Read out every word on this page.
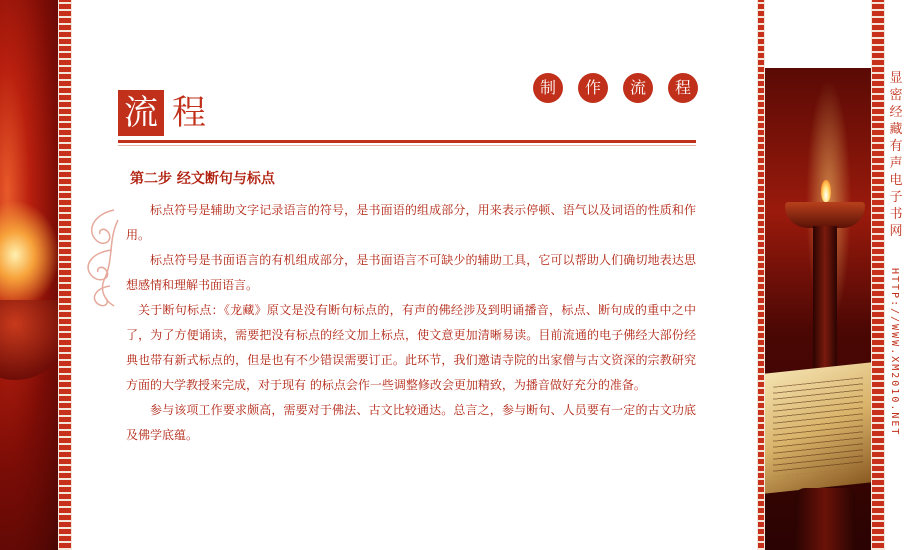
显密经藏有声电子书网
HTTP://WWW.XM2010.NET
流 程
制	作	流	程
第二步 经文断句与标点

标点符号是辅助文字记录语言的符号，是书面语的组成部分，用来表示停顿、语气以及词语的性质和作用。

标点符号是书面语言的有机组成部分，是书面语言不可缺少的辅助工具，它可以帮助人们确切地表达思想感情和理解书面语言。

关于断句标点：《龙藏》原文是没有断句标点的，有声的佛经涉及到明诵播音，标点、断句成的重中之中了，为了方便诵读，需要把没有标点的经文加上标点，使文意更加清晰易读。目前流通的电子佛经大部份经典也带有新式标点的，但是也有不少错误需要订正。此环节，我们邀请寺院的出家僧与古文资深的宗教研究方面的大学教授来完成，对于现有 的标点会作一些调整修改会更加精致，为播音做好充分的准备。

参与该项工作要求颇高，需要对于佛法、古文比较通达。总言之，参与断句、人员要有一定的古文功底及佛学底蕴。
